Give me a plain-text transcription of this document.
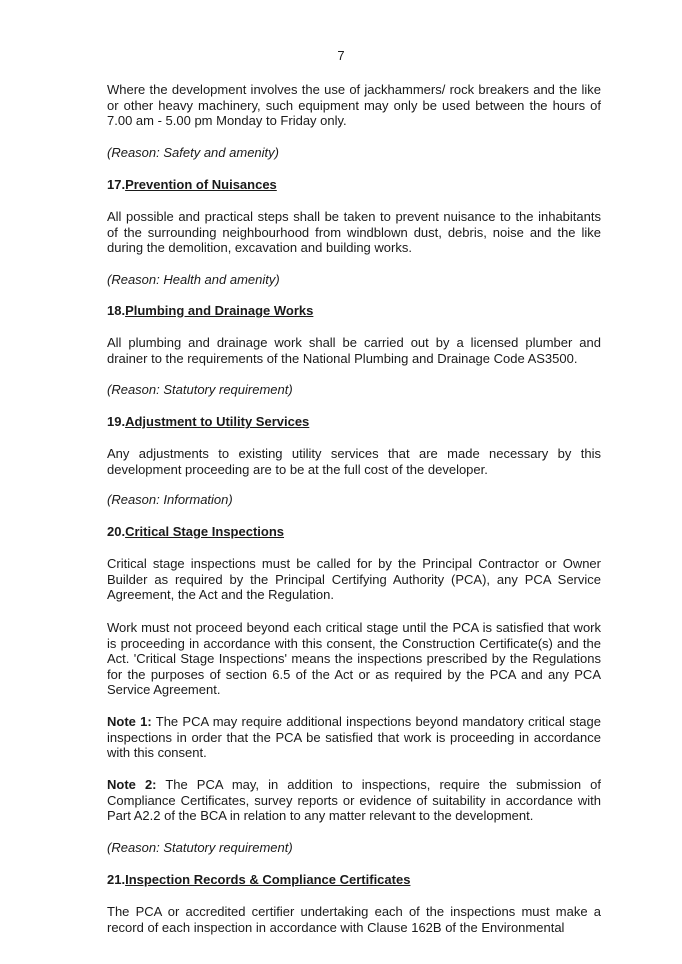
7

Where the development involves the use of jackhammers/ rock breakers and the like or other heavy machinery, such equipment may only be used between the hours of 7.00 am - 5.00 pm Monday to Friday only.

(Reason: Safety and amenity)

17.Prevention of Nuisances

All possible and practical steps shall be taken to prevent nuisance to the inhabitants of the surrounding neighbourhood from windblown dust, debris, noise and the like during the demolition, excavation and building works.

(Reason: Health and amenity)

18.Plumbing and Drainage Works

All plumbing and drainage work shall be carried out by a licensed plumber and drainer to the requirements of the National Plumbing and Drainage Code AS3500.

(Reason: Statutory requirement)

19.Adjustment to Utility Services

Any adjustments to existing utility services that are made necessary by this development proceeding are to be at the full cost of the developer.

(Reason: Information)

20.Critical Stage Inspections

Critical stage inspections must be called for by the Principal Contractor or Owner Builder as required by the Principal Certifying Authority (PCA), any PCA Service Agreement, the Act and the Regulation.

Work must not proceed beyond each critical stage until the PCA is satisfied that work is proceeding in accordance with this consent, the Construction Certificate(s) and the Act. 'Critical Stage Inspections' means the inspections prescribed by the Regulations for the purposes of section 6.5 of the Act or as required by the PCA and any PCA Service Agreement.

Note 1: The PCA may require additional inspections beyond mandatory critical stage inspections in order that the PCA be satisfied that work is proceeding in accordance with this consent.

Note 2: The PCA may, in addition to inspections, require the submission of Compliance Certificates, survey reports or evidence of suitability in accordance with Part A2.2 of the BCA in relation to any matter relevant to the development.

(Reason: Statutory requirement)

21.Inspection Records & Compliance Certificates

The PCA or accredited certifier undertaking each of the inspections must make a record of each inspection in accordance with Clause 162B of the Environmental
